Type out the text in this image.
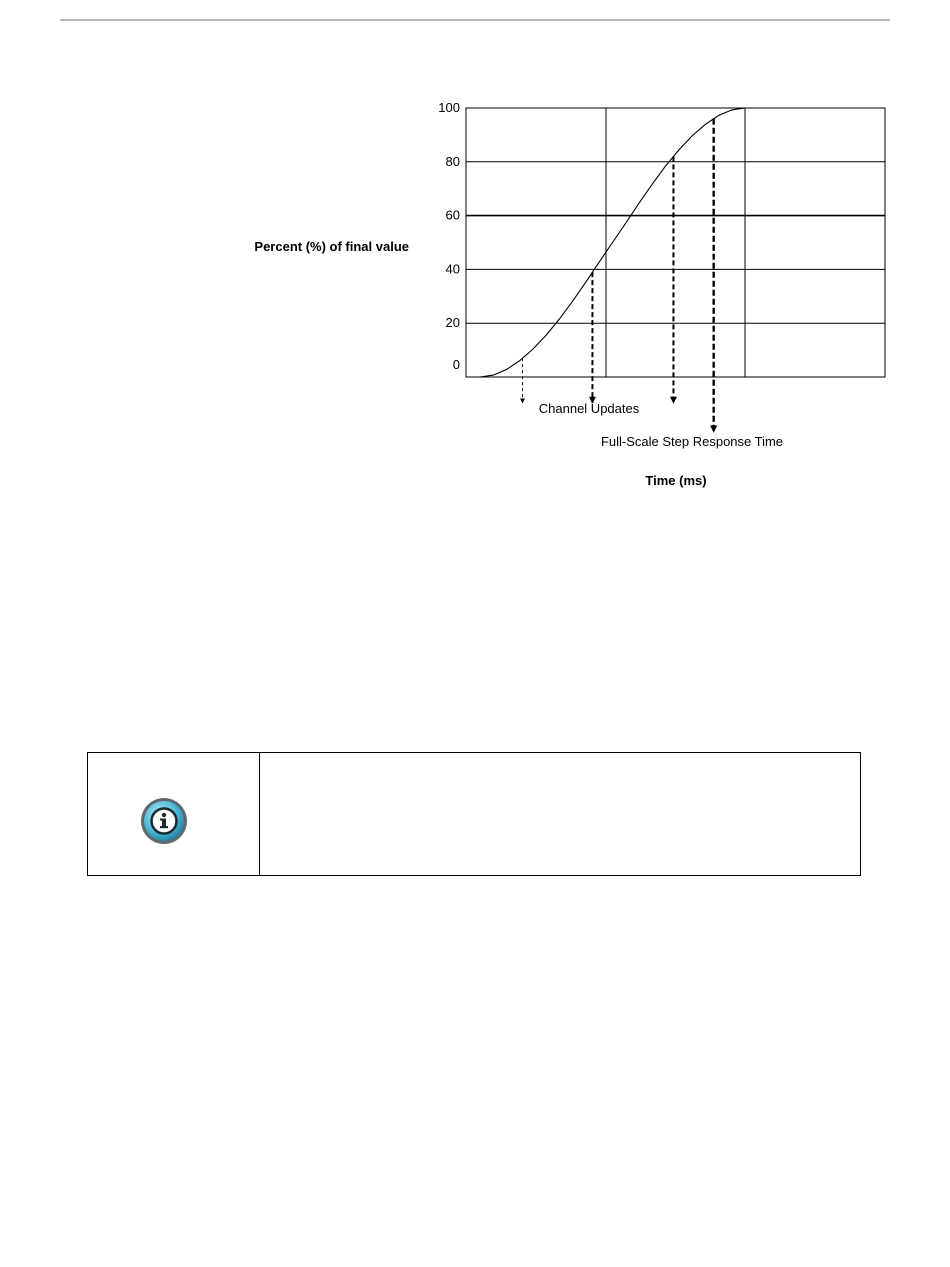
0
20
40
60
80
100
Percent (%) of final value
Channel Updates
Full-Scale Step Response Time
Time (ms)
